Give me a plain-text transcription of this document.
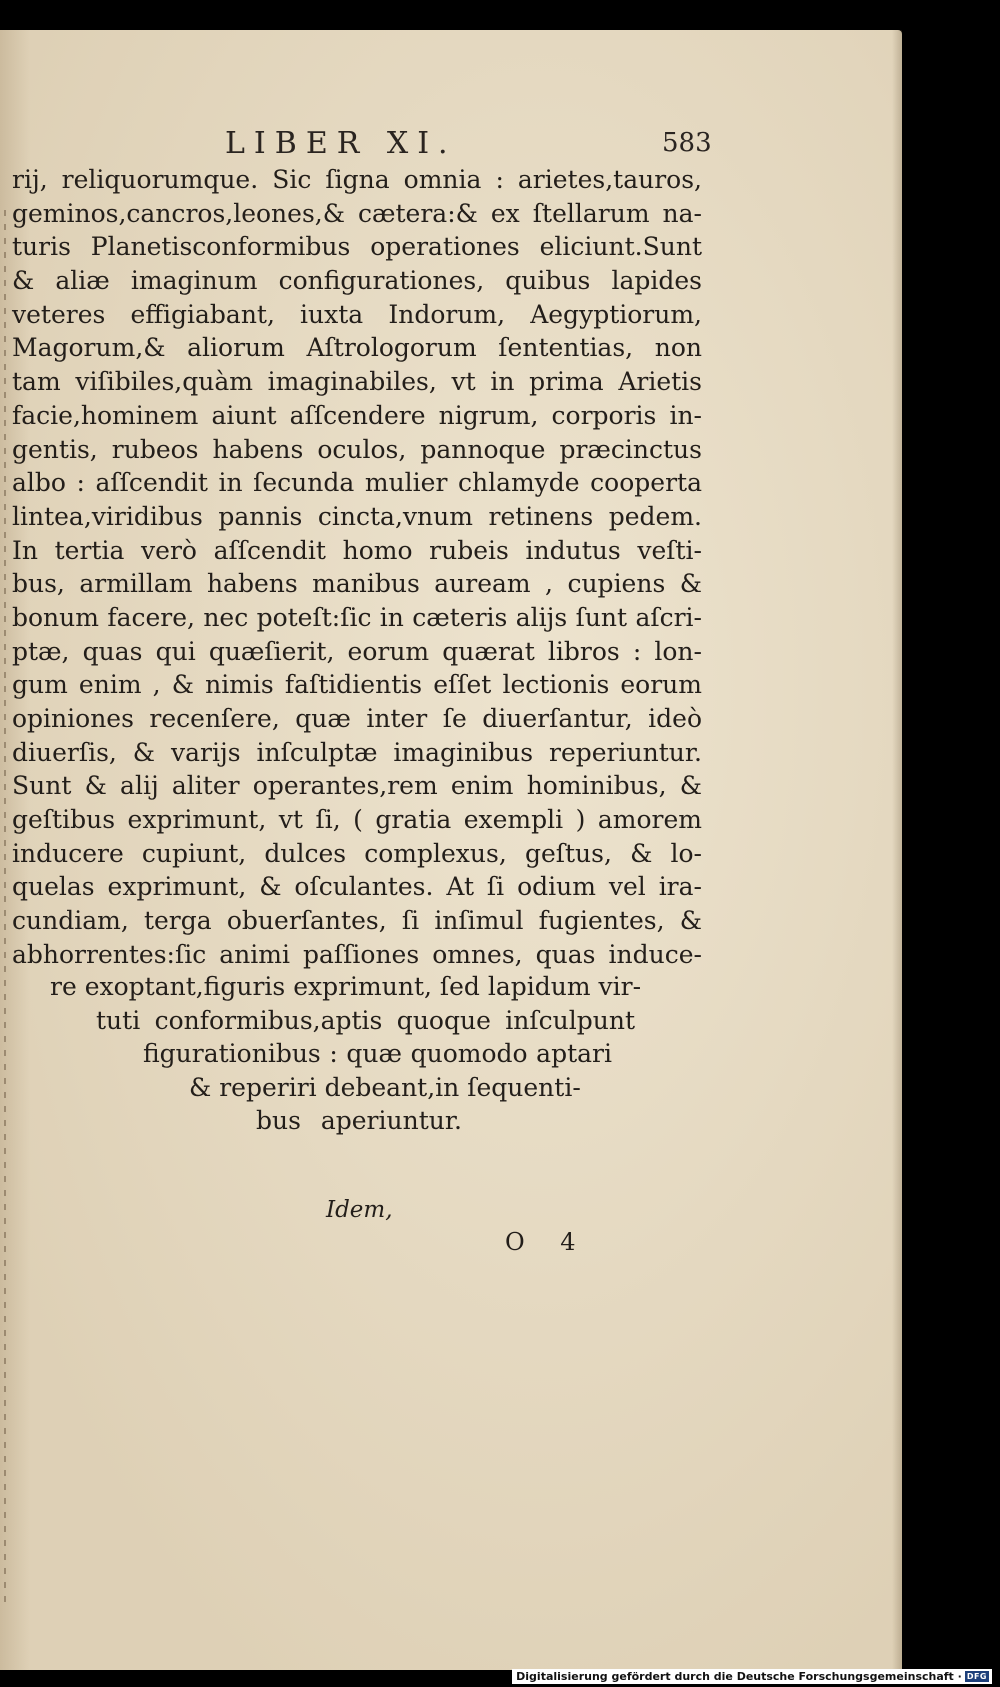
LIBER XI.	583
rij, reliquorumque. Sic ſigna omnia : arietes,tauros,
geminos,cancros,leones,& cætera:& ex ſtellarum na-
turis Planetisconformibus operationes eliciunt.Sunt
& aliæ imaginum configurationes, quibus lapides
veteres effigiabant, iuxta Indorum, Aegyptiorum,
Magorum,& aliorum Aſtrologorum ſententias, non
tam viſibiles,quàm imaginabiles, vt in prima Arietis
facie,hominem aiunt aſſcendere nigrum, corporis in-
gentis, rubeos habens oculos, pannoque præcinctus
albo : aſſcendit in ſecunda mulier chlamyde cooperta
lintea,viridibus pannis cincta,vnum retinens pedem.
In tertia verò aſſcendit homo rubeis indutus veſti-
bus, armillam habens manibus auream , cupiens &
bonum facere, nec poteſt:ſic in cæteris alijs ſunt aſcri-
ptæ, quas qui quæſierit, eorum quærat libros : lon-
gum enim , & nimis faſtidientis eſſet lectionis eorum
opiniones recenſere, quæ inter ſe diuerſantur, ideò
diuerſis, & varijs inſculptæ imaginibus reperiuntur.
Sunt & alij aliter operantes,rem enim hominibus, &
geſtibus exprimunt, vt ſi, ( gratia exempli ) amorem
inducere cupiunt, dulces complexus, geſtus, & lo-
quelas exprimunt, & oſculantes. At ſi odium vel ira-
cundiam, terga obuerſantes, ſi inſimul fugientes, &
abhorrentes:ſic animi paſſiones omnes, quas induce-
re exoptant,figuris exprimunt, ſed lapidum vir-
tuti conformibus,aptis quoque inſculpunt
figurationibus : quæ quomodo aptari
& reperiri debeant,in ſequenti-
bus aperiuntur.
Idem,
O 4
Digitalisierung gefördert durch die Deutsche Forschungsgemeinschaft · DFG
